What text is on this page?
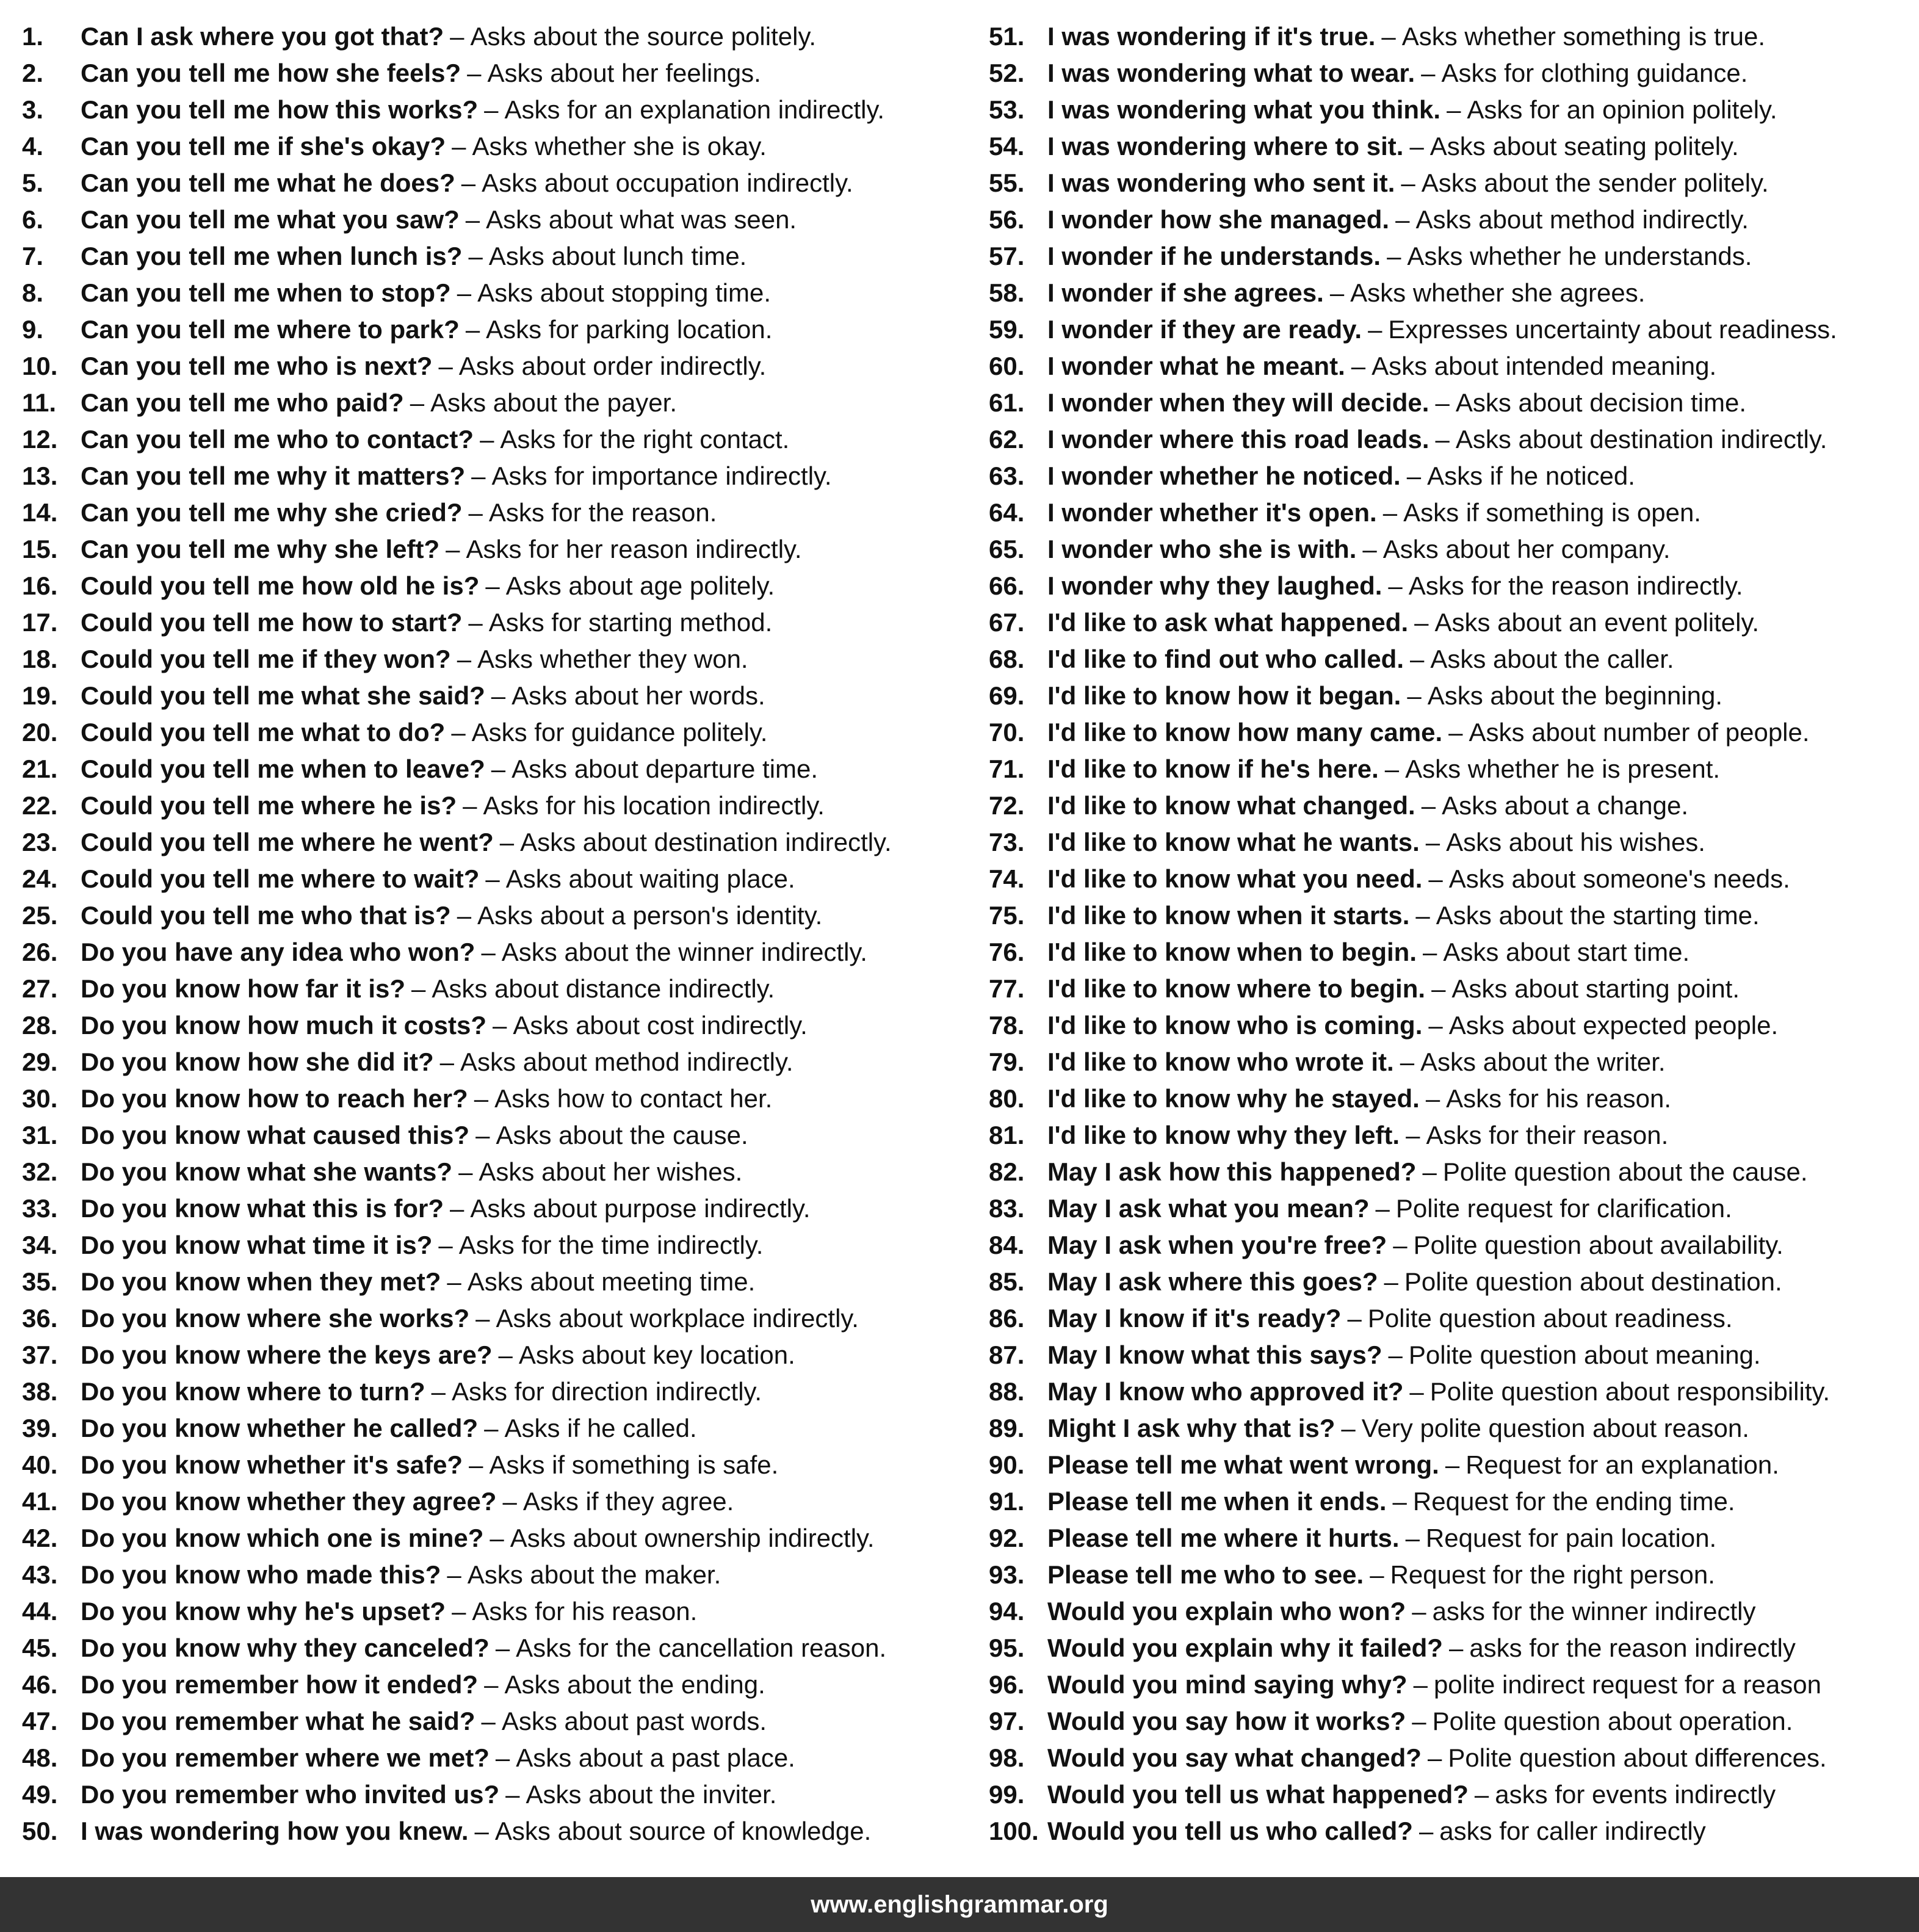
1.	Can I ask where you got that? – Asks about the source politely.
2.	Can you tell me how she feels? – Asks about her feelings.
3.	Can you tell me how this works? – Asks for an explanation indirectly.
4.	Can you tell me if she's okay? – Asks whether she is okay.
5.	Can you tell me what he does? – Asks about occupation indirectly.
6.	Can you tell me what you saw? – Asks about what was seen.
7.	Can you tell me when lunch is? – Asks about lunch time.
8.	Can you tell me when to stop? – Asks about stopping time.
9.	Can you tell me where to park? – Asks for parking location.
10. Can you tell me who is next? – Asks about order indirectly.
11. Can you tell me who paid? – Asks about the payer.
12. Can you tell me who to contact? – Asks for the right contact.
13. Can you tell me why it matters? – Asks for importance indirectly.
14. Can you tell me why she cried? – Asks for the reason.
15. Can you tell me why she left? – Asks for her reason indirectly.
16. Could you tell me how old he is? – Asks about age politely.
17. Could you tell me how to start? – Asks for starting method.
18. Could you tell me if they won? – Asks whether they won.
19. Could you tell me what she said? – Asks about her words.
20. Could you tell me what to do? – Asks for guidance politely.
21. Could you tell me when to leave? – Asks about departure time.
22. Could you tell me where he is? – Asks for his location indirectly.
23. Could you tell me where he went? – Asks about destination indirectly.
24. Could you tell me where to wait? – Asks about waiting place.
25. Could you tell me who that is? – Asks about a person's identity.
26. Do you have any idea who won? – Asks about the winner indirectly.
27. Do you know how far it is? – Asks about distance indirectly.
28. Do you know how much it costs? – Asks about cost indirectly.
29. Do you know how she did it? – Asks about method indirectly.
30. Do you know how to reach her? – Asks how to contact her.
31. Do you know what caused this? – Asks about the cause.
32. Do you know what she wants? – Asks about her wishes.
33. Do you know what this is for? – Asks about purpose indirectly.
34. Do you know what time it is? – Asks for the time indirectly.
35. Do you know when they met? – Asks about meeting time.
36. Do you know where she works? – Asks about workplace indirectly.
37. Do you know where the keys are? – Asks about key location.
38. Do you know where to turn? – Asks for direction indirectly.
39. Do you know whether he called? – Asks if he called.
40. Do you know whether it's safe? – Asks if something is safe.
41. Do you know whether they agree? – Asks if they agree.
42. Do you know which one is mine? – Asks about ownership indirectly.
43. Do you know who made this? – Asks about the maker.
44. Do you know why he's upset? – Asks for his reason.
45. Do you know why they canceled? – Asks for the cancellation reason.
46. Do you remember how it ended? – Asks about the ending.
47. Do you remember what he said? – Asks about past words.
48. Do you remember where we met? – Asks about a past place.
49. Do you remember who invited us? – Asks about the inviter.
50. I was wondering how you knew. – Asks about source of knowledge.
51. I was wondering if it's true. – Asks whether something is true.
52. I was wondering what to wear. – Asks for clothing guidance.
53. I was wondering what you think. – Asks for an opinion politely.
54. I was wondering where to sit. – Asks about seating politely.
55. I was wondering who sent it. – Asks about the sender politely.
56. I wonder how she managed. – Asks about method indirectly.
57. I wonder if he understands. – Asks whether he understands.
58. I wonder if she agrees. – Asks whether she agrees.
59. I wonder if they are ready. – Expresses uncertainty about readiness.
60. I wonder what he meant. – Asks about intended meaning.
61. I wonder when they will decide. – Asks about decision time.
62. I wonder where this road leads. – Asks about destination indirectly.
63. I wonder whether he noticed. – Asks if he noticed.
64. I wonder whether it's open. – Asks if something is open.
65. I wonder who she is with. – Asks about her company.
66. I wonder why they laughed. – Asks for the reason indirectly.
67. I'd like to ask what happened. – Asks about an event politely.
68. I'd like to find out who called. – Asks about the caller.
69. I'd like to know how it began. – Asks about the beginning.
70. I'd like to know how many came. – Asks about number of people.
71. I'd like to know if he's here. – Asks whether he is present.
72. I'd like to know what changed. – Asks about a change.
73. I'd like to know what he wants. – Asks about his wishes.
74. I'd like to know what you need. – Asks about someone's needs.
75. I'd like to know when it starts. – Asks about the starting time.
76. I'd like to know when to begin. – Asks about start time.
77. I'd like to know where to begin. – Asks about starting point.
78. I'd like to know who is coming. – Asks about expected people.
79. I'd like to know who wrote it. – Asks about the writer.
80. I'd like to know why he stayed. – Asks for his reason.
81. I'd like to know why they left. – Asks for their reason.
82. May I ask how this happened? – Polite question about the cause.
83. May I ask what you mean? – Polite request for clarification.
84. May I ask when you're free? – Polite question about availability.
85. May I ask where this goes? – Polite question about destination.
86. May I know if it's ready? – Polite question about readiness.
87. May I know what this says? – Polite question about meaning.
88. May I know who approved it? – Polite question about responsibility.
89. Might I ask why that is? – Very polite question about reason.
90. Please tell me what went wrong. – Request for an explanation.
91. Please tell me when it ends. – Request for the ending time.
92. Please tell me where it hurts. – Request for pain location.
93. Please tell me who to see. – Request for the right person.
94. Would you explain who won? – asks for the winner indirectly
95. Would you explain why it failed? – asks for the reason indirectly
96. Would you mind saying why? – polite indirect request for a reason
97. Would you say how it works? – Polite question about operation.
98. Would you say what changed? – Polite question about differences.
99. Would you tell us what happened? – asks for events indirectly
100. Would you tell us who called? – asks for caller indirectly
www.englishgrammar.org
